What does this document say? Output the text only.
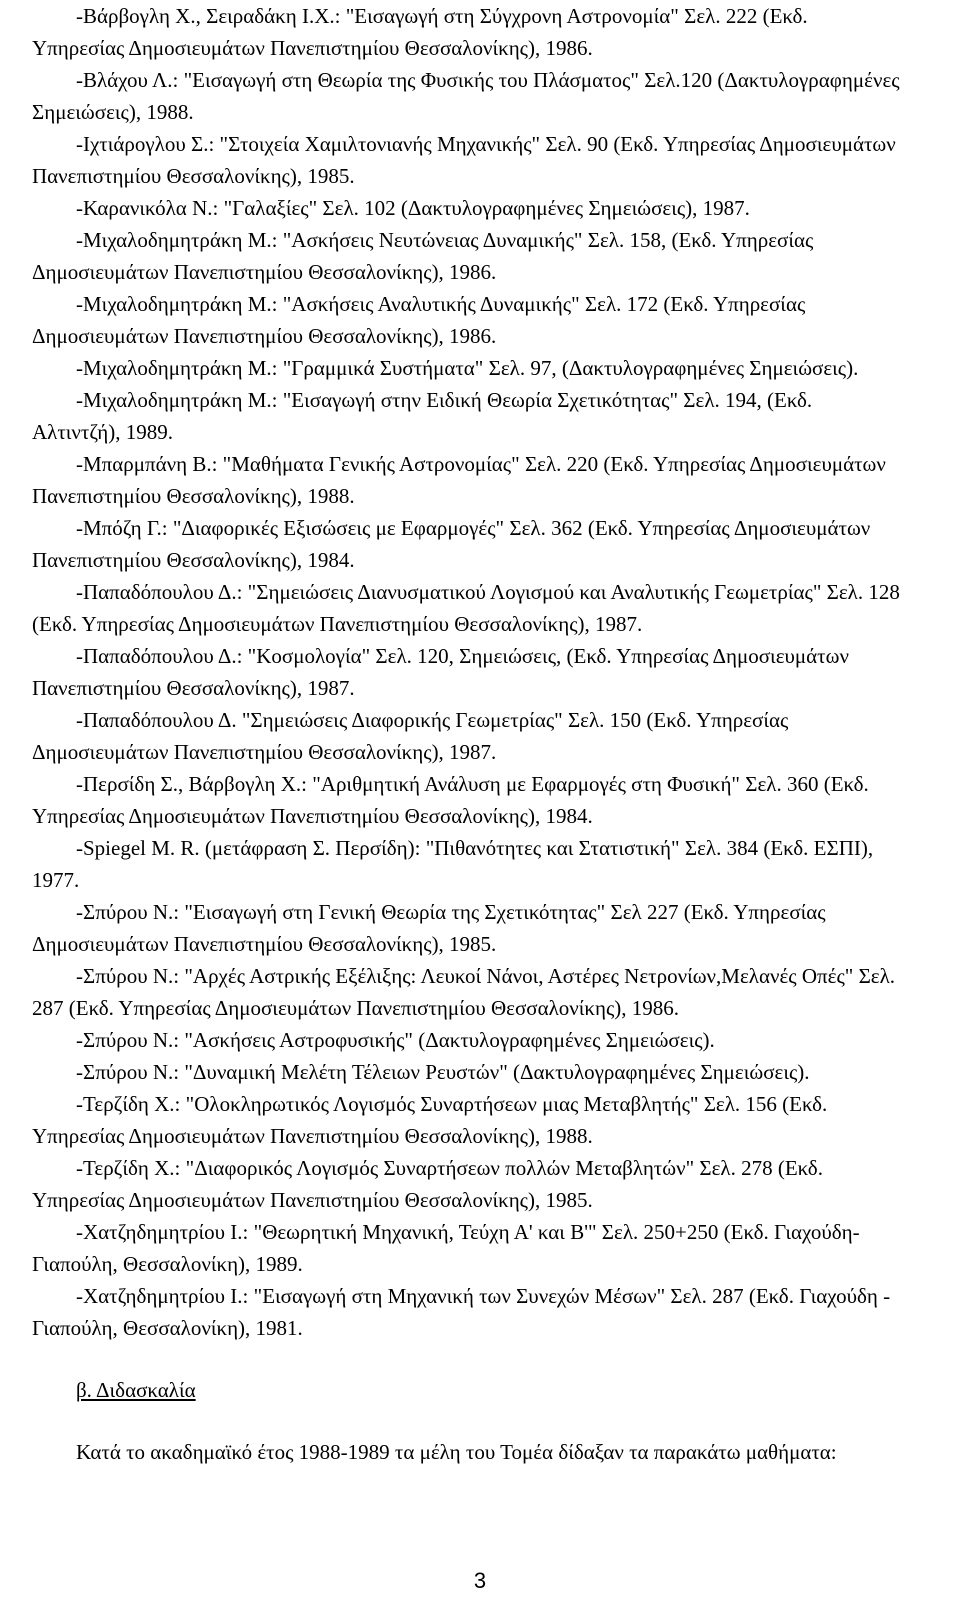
-Βάρβογλη Χ., Σειραδάκη Ι.Χ.: "Εισαγωγή στη Σύγχρονη Αστρονομία" Σελ. 222 (Εκδ. Υπηρεσίας Δημοσιευμάτων Πανεπιστημίου Θεσσαλονίκης), 1986.

-Βλάχου Λ.: "Εισαγωγή στη Θεωρία της Φυσικής του Πλάσματος" Σελ.120 (Δακτυλογραφημένες Σημειώσεις), 1988.

-Ιχτιάρογλου Σ.: "Στοιχεία Χαμιλτονιανής Μηχανικής" Σελ. 90 (Εκδ. Υπηρεσίας Δημοσιευμάτων Πανεπιστημίου Θεσσαλονίκης), 1985.

-Καρανικόλα Ν.: "Γαλαξίες" Σελ. 102 (Δακτυλογραφημένες Σημειώσεις), 1987.

-Μιχαλοδημητράκη Μ.: "Ασκήσεις Νευτώνειας Δυναμικής" Σελ. 158, (Εκδ. Υπηρεσίας Δημοσιευμάτων Πανεπιστημίου Θεσσαλονίκης), 1986.

-Μιχαλοδημητράκη Μ.: "Ασκήσεις Αναλυτικής Δυναμικής" Σελ. 172 (Εκδ. Υπηρεσίας Δημοσιευμάτων Πανεπιστημίου Θεσσαλονίκης), 1986.

-Μιχαλοδημητράκη Μ.: "Γραμμικά Συστήματα" Σελ. 97, (Δακτυλογραφημένες Σημειώσεις).

-Μιχαλοδημητράκη Μ.: "Εισαγωγή στην Ειδική Θεωρία Σχετικότητας" Σελ. 194, (Εκδ. Αλτιντζή), 1989.

-Μπαρμπάνη Β.: "Μαθήματα Γενικής Αστρονομίας" Σελ. 220 (Εκδ. Υπηρεσίας Δημοσιευμάτων Πανεπιστημίου Θεσσαλονίκης), 1988.

-Μπόζη Γ.: "Διαφορικές Εξισώσεις με Εφαρμογές" Σελ. 362 (Εκδ. Υπηρεσίας Δημοσιευμάτων Πανεπιστημίου Θεσσαλονίκης), 1984.

-Παπαδόπουλου Δ.: "Σημειώσεις Διανυσματικού Λογισμού και Αναλυτικής Γεωμετρίας" Σελ. 128 (Εκδ. Υπηρεσίας Δημοσιευμάτων Πανεπιστημίου Θεσσαλονίκης), 1987.

-Παπαδόπουλου Δ.: "Κοσμολογία" Σελ. 120, Σημειώσεις, (Εκδ. Υπηρεσίας Δημοσιευμάτων Πανεπιστημίου Θεσσαλονίκης), 1987.

-Παπαδόπουλου Δ. "Σημειώσεις Διαφορικής Γεωμετρίας" Σελ. 150 (Εκδ. Υπηρεσίας Δημοσιευμάτων Πανεπιστημίου Θεσσαλονίκης), 1987.

-Περσίδη Σ., Βάρβογλη Χ.: "Αριθμητική Ανάλυση με Εφαρμογές στη Φυσική" Σελ. 360 (Εκδ. Υπηρεσίας Δημοσιευμάτων Πανεπιστημίου Θεσσαλονίκης), 1984.

-Spiegel M. R. (μετάφραση Σ. Περσίδη): "Πιθανότητες και Στατιστική" Σελ. 384 (Εκδ. ΕΣΠΙ), 1977.

-Σπύρου Ν.: "Εισαγωγή στη Γενική Θεωρία της Σχετικότητας" Σελ 227 (Εκδ. Υπηρεσίας Δημοσιευμάτων Πανεπιστημίου Θεσσαλονίκης), 1985.

-Σπύρου Ν.: "Αρχές Αστρικής Εξέλιξης: Λευκοί Νάνοι, Αστέρες Νετρονίων,Μελανές Οπές" Σελ. 287 (Εκδ. Υπηρεσίας Δημοσιευμάτων Πανεπιστημίου Θεσσαλονίκης), 1986.

-Σπύρου Ν.: "Ασκήσεις Αστροφυσικής" (Δακτυλογραφημένες Σημειώσεις).

-Σπύρου Ν.: "Δυναμική Μελέτη Τέλειων Ρευστών" (Δακτυλογραφημένες Σημειώσεις).

-Τερζίδη Χ.: "Ολοκληρωτικός Λογισμός Συναρτήσεων μιας Μεταβλητής" Σελ. 156 (Εκδ. Υπηρεσίας Δημοσιευμάτων Πανεπιστημίου Θεσσαλονίκης), 1988.

-Τερζίδη Χ.: "Διαφορικός Λογισμός Συναρτήσεων πολλών Μεταβλητών" Σελ. 278 (Εκδ. Υπηρεσίας Δημοσιευμάτων Πανεπιστημίου Θεσσαλονίκης), 1985.

-Χατζηδημητρίου Ι.: "Θεωρητική Μηχανική, Τεύχη Α' και Β'" Σελ. 250+250 (Εκδ. Γιαχούδη-Γιαπούλη, Θεσσαλονίκη), 1989.

-Χατζηδημητρίου Ι.: "Εισαγωγή στη Μηχανική των Συνεχών Μέσων" Σελ. 287 (Εκδ. Γιαχούδη - Γιαπούλη, Θεσσαλονίκη), 1981.

β. Διδασκαλία

Κατά το ακαδημαϊκό έτος 1988-1989 τα μέλη του Τομέα δίδαξαν τα παρακάτω μαθήματα:

3
